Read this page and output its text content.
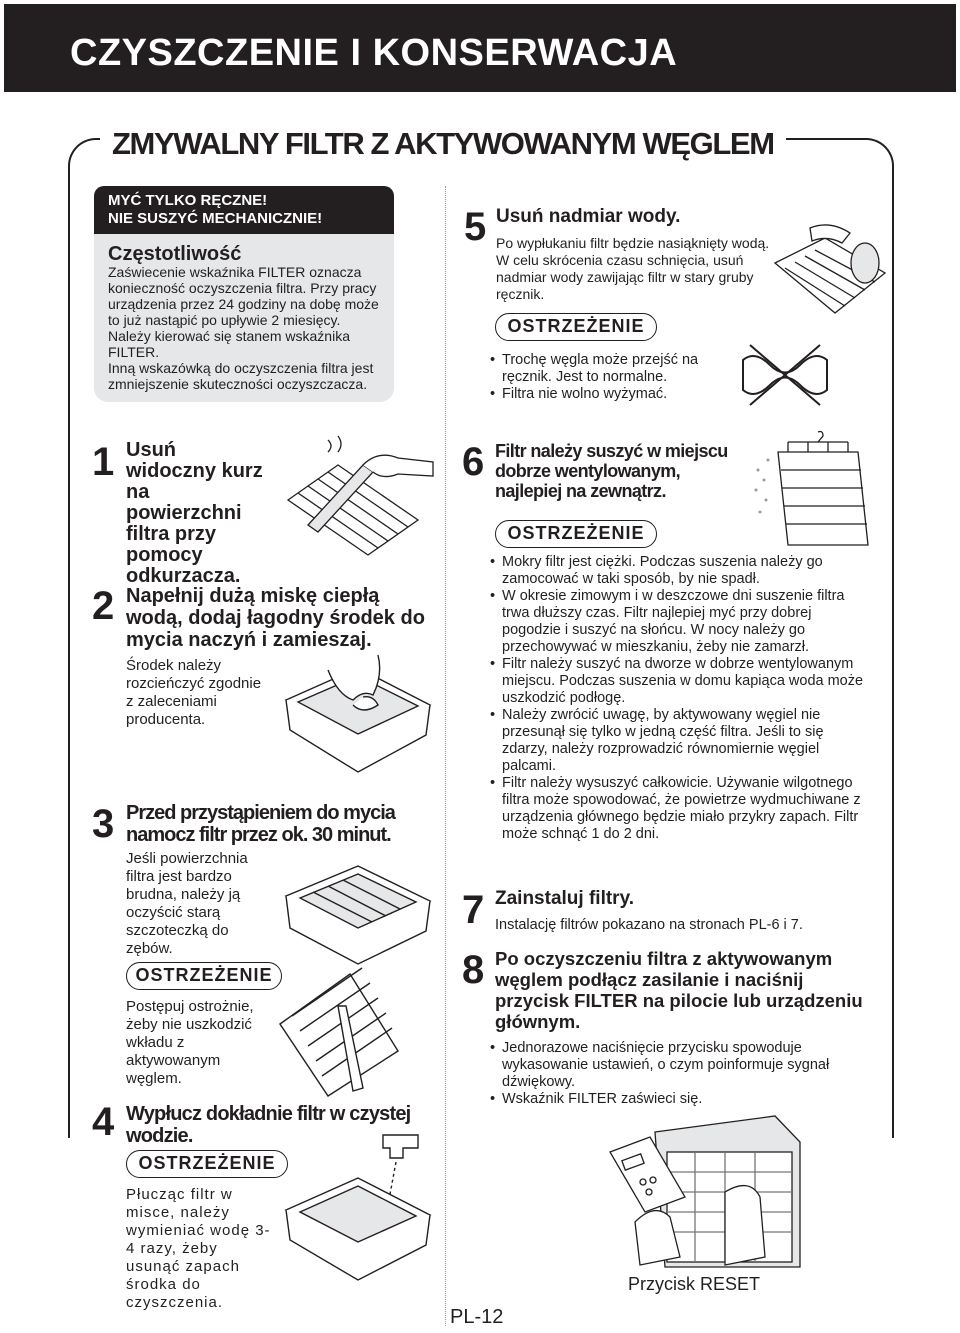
CZYSZCZENIE I KONSERWACJA
ZMYWALNY FILTR Z AKTYWOWANYM WĘGLEM
MYĆ TYLKO RĘCZNE!
NIE SUSZYĆ MECHANICZNIE!
Częstotliwość
Zaświecenie wskaźnika FILTER oznacza konieczność oczyszczenia filtra. Przy pracy urządzenia przez 24 godziny na dobę może to już nastąpić po upływie 2 miesięcy.
Należy kierować się stanem wskaźnika FILTER.
Inną wskazówką do oczyszczenia filtra jest zmniejszenie skuteczności oczyszczacza.
1 Usuń widoczny kurz na powierzchni filtra przy pomocy odkurzacza.
2 Napełnij dużą miskę ciepłą wodą, dodaj łagodny środek do mycia naczyń i zamieszaj.
Środek należy rozcieńczyć zgodnie z zaleceniami producenta.
3 Przed przystąpieniem do mycia namocz filtr przez ok. 30 minut.
Jeśli powierzchnia filtra jest bardzo brudna, należy ją oczyścić starą szczoteczką do zębów.
OSTRZEŻENIE
Postępuj ostrożnie, żeby nie uszkodzić wkładu z aktywowanym węglem.
4 Wypłucz dokładnie filtr w czystej wodzie.
OSTRZEŻENIE
Płucząc filtr w misce, należy wymieniać wodę 3-4 razy, żeby usunąć zapach środka do czyszczenia.
5 Usuń nadmiar wody.
Po wypłukaniu filtr będzie nasiąknięty wodą. W celu skrócenia czasu schnięcia, usuń nadmiar wody zawijając filtr w stary gruby ręcznik.
OSTRZEŻENIE
• Trochę węgla może przejść na ręcznik. Jest to normalne.
• Filtra nie wolno wyżymać.
6 Filtr należy suszyć w miejscu dobrze wentylowanym, najlepiej na zewnątrz.
OSTRZEŻENIE
• Mokry filtr jest ciężki. Podczas suszenia należy go zamocować w taki sposób, by nie spadł.
• W okresie zimowym i w deszczowe dni suszenie filtra trwa dłuższy czas. Filtr najlepiej myć przy dobrej pogodzie i suszyć na słońcu. W nocy należy go przechowywać w mieszkaniu, żeby nie zamarzł.
• Filtr należy suszyć na dworze w dobrze wentylowanym miejscu. Podczas suszenia w domu kapiąca woda może uszkodzić podłogę.
• Należy zwrócić uwagę, by aktywowany węgiel nie przesunął się tylko w jedną część filtra. Jeśli to się zdarzy, należy rozprowadzić równomiernie węgiel palcami.
• Filtr należy wysuszyć całkowicie. Używanie wilgotnego filtra może spowodować, że powietrze wydmuchiwane z urządzenia głównego będzie miało przykry zapach. Filtr może schnąć 1 do 2 dni.
7 Zainstaluj filtry.
Instalację filtrów pokazano na stronach PL-6 i 7.
8 Po oczyszczeniu filtra z aktywowanym węglem podłącz zasilanie i naciśnij przycisk FILTER na pilocie lub urządzeniu głównym.
• Jednorazowe naciśnięcie przycisku spowoduje wykasowanie ustawień, o czym poinformuje sygnał dźwiękowy.
• Wskaźnik FILTER zaświeci się.
Przycisk RESET
PL-12
